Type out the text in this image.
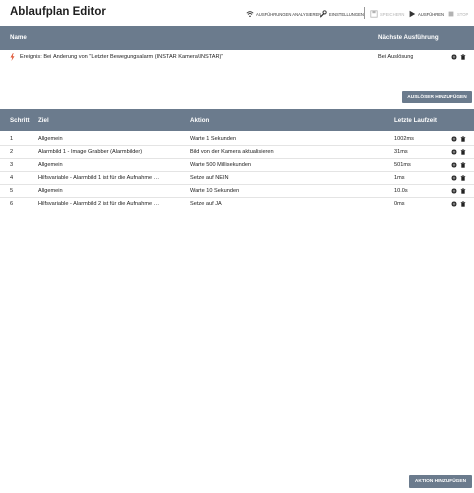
Ablaufplan Editor	AUSFÜHRUNGEN ANALYSIEREN EINSTELLUNGEN	SPEICHERN	AUSFÜHREN	STOP
Name	Nächste Ausführung
Ereignis: Bei Änderung von "Letzter Bewegungsalarm (INSTAR Kamera\INSTAR)"	Bei Auslösung
AUSLÖSER HINZUFÜGEN
Schritt Ziel	Aktion	Letzte Laufzeit
1	Allgemein	Warte 1 Sekunden	1002ms
2	Alarmbild 1 - Image Grabber (Alarmbilder)	Bild von der Kamera aktualisieren	31ms
3	Allgemein	Warte 500 Millisekunden	501ms
4	Hilfsvariable - Alarmbild 1 ist für die Aufnahme …	Setze auf NEIN	1ms
5	Allgemein	Warte 10 Sekunden	10.0s
6	Hilfsvariable - Alarmbild 2 ist für die Aufnahme …	Setze auf JA	0ms
AKTION HINZUFÜGEN
